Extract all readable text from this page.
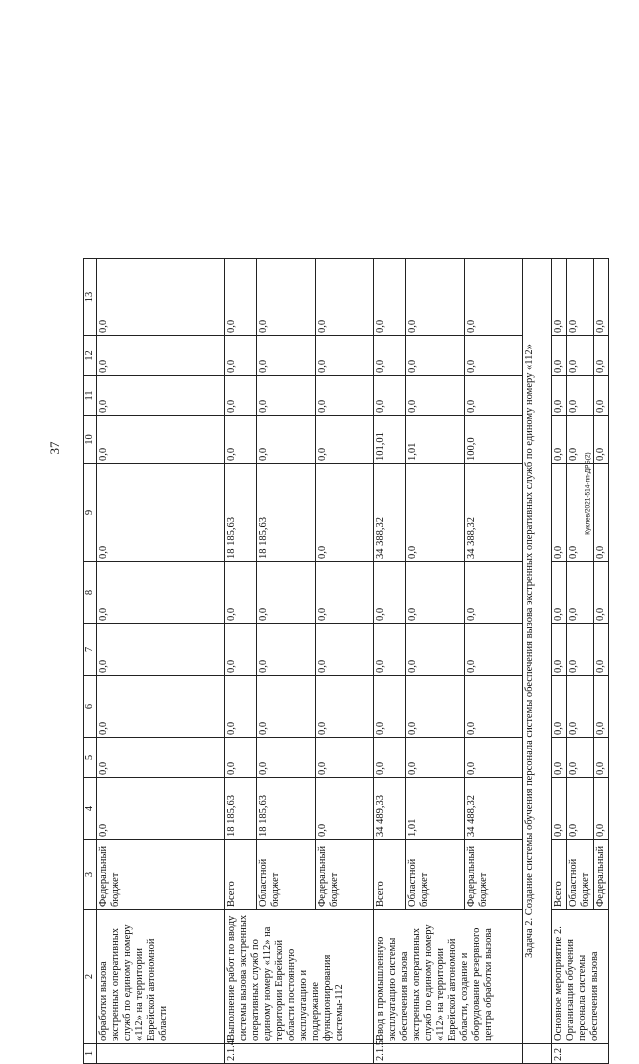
37
Куклев/2021-514-пп-ДРБ(2)
1	2	3	4	5	6	7	8	9	10	11	12	13
	обработки вызова экстренных оперативных служб по единому номеру «112» на территории Еврейской автономной области	Федеральный бюджет	0,0	0,0	0,0	0,0	0,0	0,0	0,0	0,0	0,0	0,0
2.1.4	Выполнение работ по вводу системы вызова экстренных оперативных служб по единому номеру «112» на территории Еврейской области постоянную эксплуатацию и поддержание функционирования системы-112	Всего	18 185,63	0,0	0,0	0,0	0,0	18 185,63	0,0	0,0	0,0	0,0
		Областной бюджет	18 185,63	0,0	0,0	0,0	0,0	18 185,63	0,0	0,0	0,0	0,0
		Федеральный бюджет	0,0	0,0	0,0	0,0	0,0	0,0	0,0	0,0	0,0	0,0
2.1.5	Ввод в промышленную эксплуатацию системы обеспечения вызова экстренных оперативных служб по единому номеру «112» на территории Еврейской автономной области, создание и оборудование резервного центра обработки вызова	Всего	34 489,33	0,0	0,0	0,0	0,0	34 388,32	101,01	0,0	0,0	0,0
		Областной бюджет	1,01	0,0	0,0	0,0	0,0	0,0	1,01	0,0	0,0	0,0
		Федеральный бюджет	34 488,32	0,0	0,0	0,0	0,0	34 388,32	100,0	0,0	0,0	0,0
	Задача 2. Создание системы обучения персонала системы обеспечения вызова экстренных оперативных служб по единому номеру «112»											
2.2	Основное мероприятие 2. Организация обучения персонала системы обеспечения вызова	Всего	0,0	0,0	0,0	0,0	0,0	0,0	0,0	0,0	0,0	0,0
		Областной бюджет	0,0	0,0	0,0	0,0	0,0	0,0	0,0	0,0	0,0	0,0
		Федеральный	0,0	0,0	0,0	0,0	0,0	0,0	0,0	0,0	0,0	0,0
